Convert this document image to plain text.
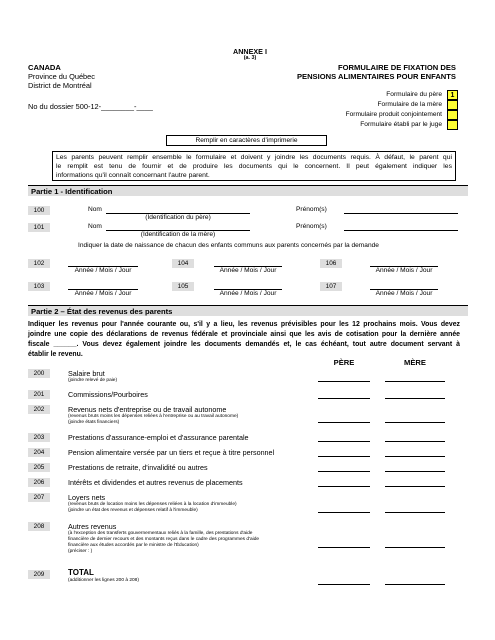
ANNEXE I
(a. 3)
CANADA
Province du Québec
District de Montréal
FORMULAIRE DE FIXATION DES
PENSIONS ALIMENTAIRES POUR ENFANTS
No du dossier 500-12-________-____
Formulaire du père
Formulaire de la mère
Formulaire produit conjointement
Formulaire établi par le juge
1
Remplir en caractères d'imprimerie
Les parents peuvent remplir ensemble le formulaire et doivent y joindre les documents requis. À défaut, le parent qui
le remplit est tenu de fournir et de produire les documents qui le concernent. Il peut également indiquer les
informations qu'il connaît concernant l'autre parent.
Partie 1 - Identification
100	Nom
(Identification du père)
Prénom(s)
101	Nom
(Identification de la mère)
Prénom(s)
Indiquer la date de naissance de chacun des enfants communs aux parents concernés par la demande
102
Année / Mois / Jour
104
Année / Mois / Jour
106
Année / Mois / Jour
103
Année / Mois / Jour
105
Année / Mois / Jour
107
Année / Mois / Jour
Partie 2 – État des revenus des parents
Indiquer les revenus pour l'année courante ou, s'il y a lieu, les revenus prévisibles pour les 12 prochains mois. Vous devez
joindre une copie des déclarations de revenus fédérale et provinciale ainsi que les avis de cotisation pour la dernière année
fiscale ______. Vous devez également joindre les documents demandés et, le cas échéant, tout autre document servant à
établir le revenu.
PÈRE	MÈRE
200	Salaire brut
(joindre relevé de paie)
201	Commissions/Pourboires
202	Revenus nets d'entreprise ou de travail autonome
(revenus bruts moins les dépenses reliées à l'entreprise ou au travail autonome)
(joindre états financiers)
203	Prestations d'assurance-emploi et d'assurance parentale
204	Pension alimentaire versée par un tiers et reçue à titre personnel
205	Prestations de retraite, d'invalidité ou autres
206	Intérêts et dividendes et autres revenus de placements
207	Loyers nets
(revenus bruts de location moins les dépenses reliées à la location d'immeuble)
(joindre un état des revenus et dépenses relatif à l'immeuble)
208	Autres revenus
(à l'exception des transferts gouvernementaux reliés à la famille, des prestations d'aide
financière de dernier recours et des montants reçus dans le cadre des programmes d'aide
financière aux études accordés par le ministre de l'Éducation)
(préciser : )
209	TOTAL
(additionner les lignes 200 à 208)
